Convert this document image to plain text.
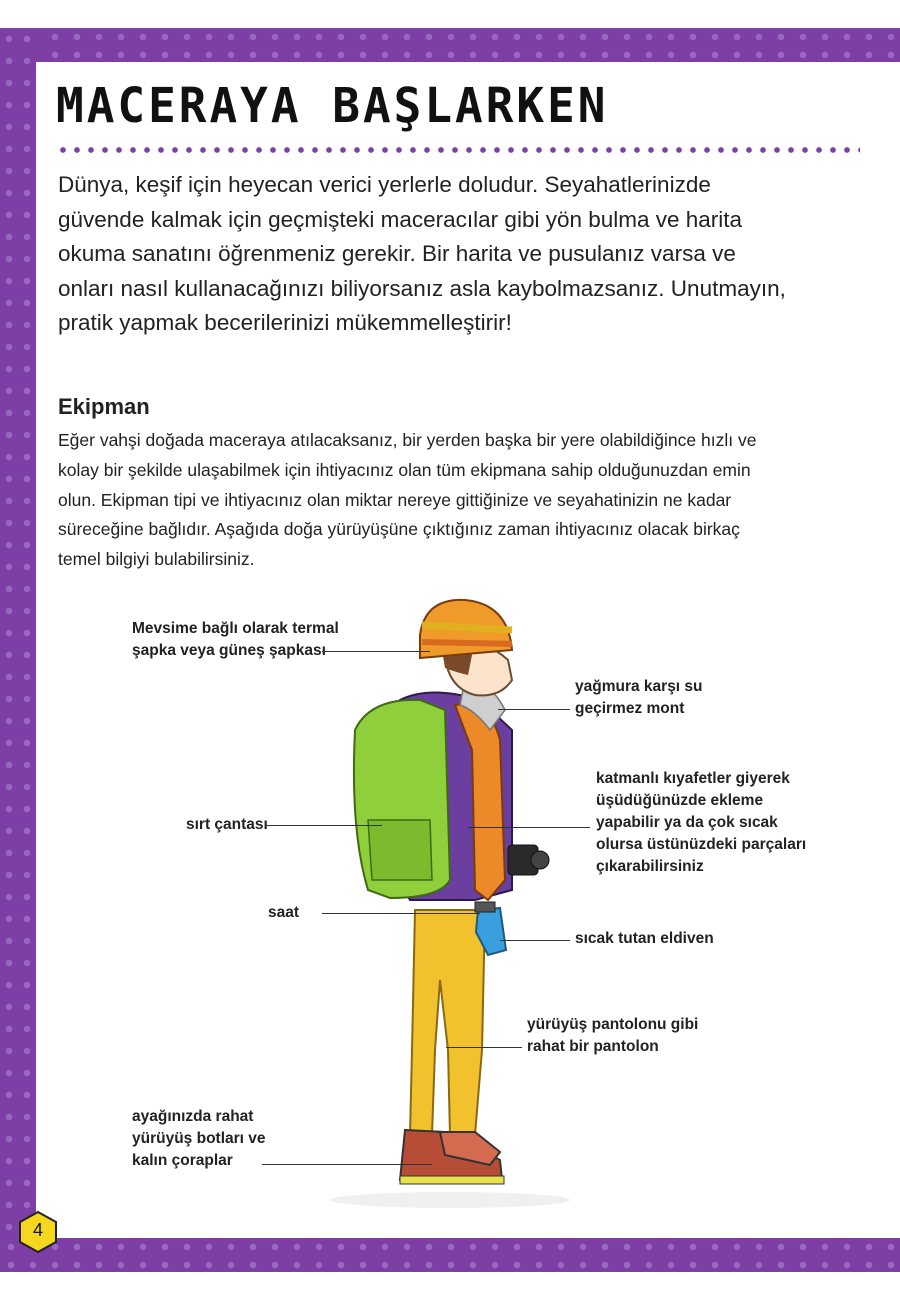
MACERAYA BAŞLARKEN
Dünya, keşif için heyecan verici yerlerle doludur. Seyahatlerinizde
güvende kalmak için geçmişteki maceracılar gibi yön bulma ve harita
okuma sanatını öğrenmeniz gerekir. Bir harita ve pusulanız varsa ve
onları nasıl kullanacağınızı biliyorsanız asla kaybolmazsanız. Unutmayın,
pratik yapmak becerilerinizi mükemmelleştirir!
Ekipman
Eğer vahşi doğada maceraya atılacaksanız, bir yerden başka bir yere olabildiğince hızlı ve
kolay bir şekilde ulaşabilmek için ihtiyacınız olan tüm ekipmana sahip olduğunuzdan emin
olun. Ekipman tipi ve ihtiyacınız olan miktar nereye gittiğinize ve seyahatinizin ne kadar
süreceğine bağlıdır. Aşağıda doğa yürüyüşüne çıktığınız zaman ihtiyacınız olacak birkaç
temel bilgiyi bulabilirsiniz.
Mevsime bağlı olarak termal
şapka veya güneş şapkası
yağmura karşı su
geçirmez mont
katmanlı kıyafetler giyerek
üşüdüğünüzde ekleme
yapabilir ya da çok sıcak
olursa üstünüzdeki parçaları
çıkarabilirsiniz
sırt çantası
saat
sıcak tutan eldiven
yürüyüş pantolonu gibi
rahat bir pantolon
ayağınızda rahat
yürüyüş botları ve
kalın çoraplar
4
